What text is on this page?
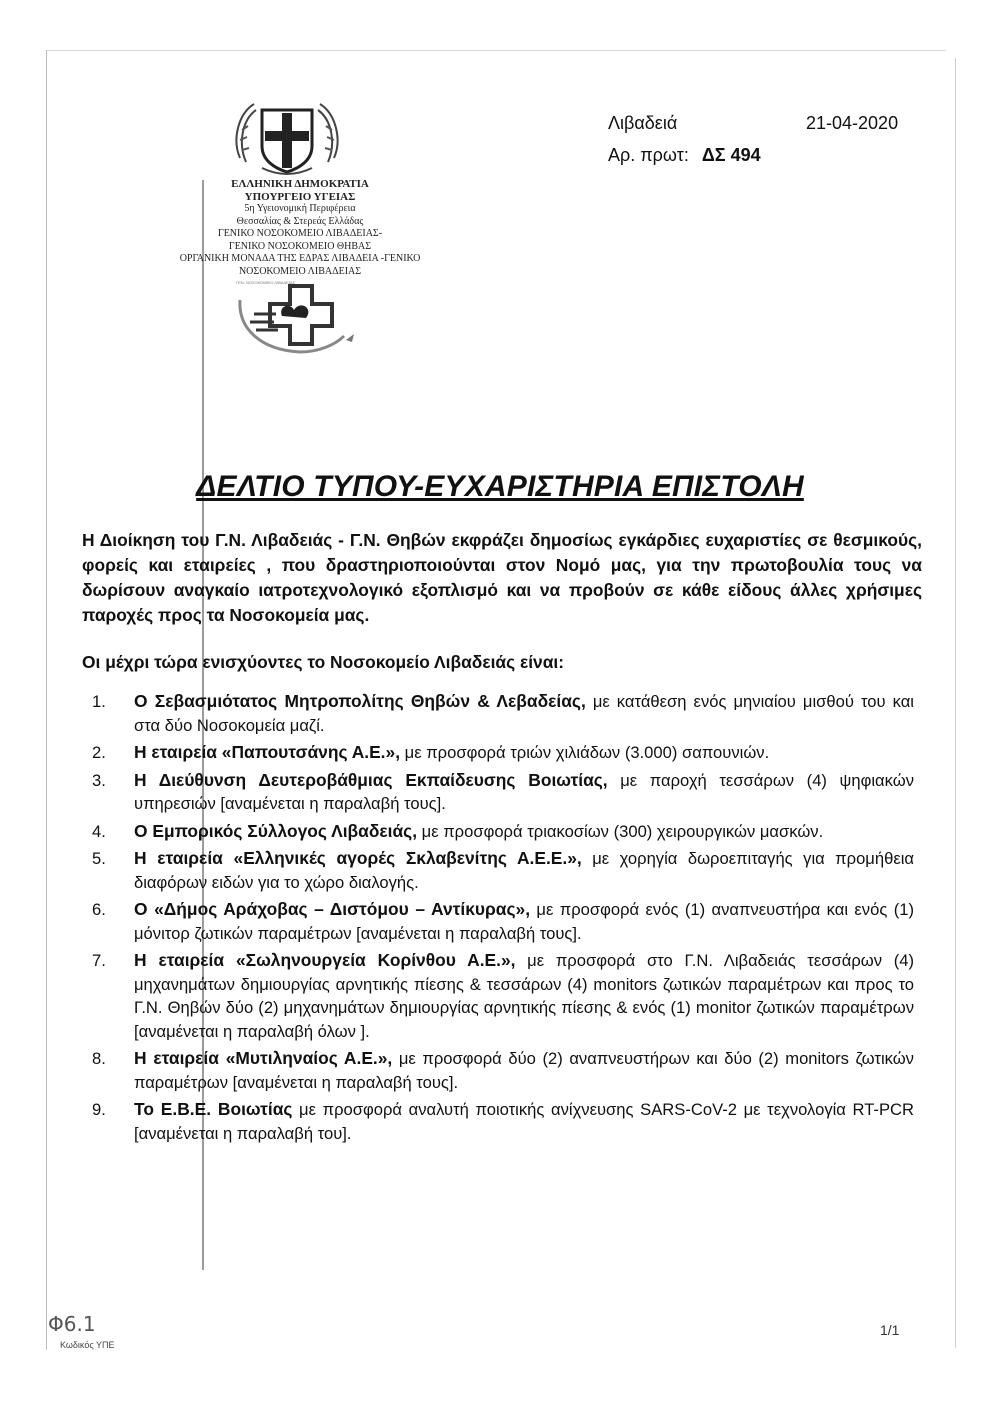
ΕΛΛΗΝΙΚΗ ΔΗΜΟΚΡΑΤΙΑ
ΥΠΟΥΡΓΕΙΟ ΥΓΕΙΑΣ
5η Υγειονομική Περιφέρεια
Θεσσαλίας & Στερεάς Ελλάδας
ΓΕΝΙΚΟ ΝΟΣΟΚΟΜΕΙΟ ΛΙΒΑΔΕΙΑΣ-
ΓΕΝΙΚΟ ΝΟΣΟΚΟΜΕΙΟ ΘΗΒΑΣ
ΟΡΓΑΝΙΚΗ ΜΟΝΑΔΑ ΤΗΣ ΕΔΡΑΣ ΛΙΒΑΔΕΙΑ -ΓΕΝΙΚΟ
ΝΟΣΟΚΟΜΕΙΟ ΛΙΒΑΔΕΙΑΣ
ΓΕΝ. ΝΟΣΟΚΟΜΕΙΟ ΛΙΒΑΔΕΙΑΣ
Λιβαδειά	21-04-2020
Αρ. πρωτ: ΔΣ 494
ΔΕΛΤΙΟ ΤΥΠΟΥ-ΕΥΧΑΡΙΣΤΗΡΙΑ ΕΠΙΣΤΟΛΗ
Η Διοίκηση του Γ.Ν. Λιβαδειάς - Γ.Ν. Θηβών εκφράζει δημοσίως εγκάρδιες ευχαριστίες σε θεσμικούς, φορείς και εταιρείες , που δραστηριοποιούνται στον Νομό μας, για την πρωτοβουλία τους να δωρίσουν αναγκαίο ιατροτεχνολογικό εξοπλισμό και να προβούν σε κάθε είδους άλλες χρήσιμες παροχές προς τα Νοσοκομεία μας.
Οι μέχρι τώρα ενισχύοντες το Νοσοκομείο Λιβαδειάς είναι:
1.	Ο Σεβασμιότατος Μητροπολίτης Θηβών & Λεβαδείας, με κατάθεση ενός μηνιαίου μισθού του και στα δύο Νοσοκομεία μαζί.
2.	Η εταιρεία «Παπουτσάνης Α.Ε.», με προσφορά τριών χιλιάδων (3.000) σαπουνιών.
3.	Η Διεύθυνση Δευτεροβάθμιας Εκπαίδευσης Βοιωτίας, με παροχή τεσσάρων (4) ψηφιακών υπηρεσιών [αναμένεται η παραλαβή τους].
4.	Ο Εμπορικός Σύλλογος Λιβαδειάς, με προσφορά τριακοσίων (300) χειρουργικών μασκών.
5.	Η εταιρεία «Ελληνικές αγορές Σκλαβενίτης Α.Ε.Ε.», με χορηγία δωροεπιταγής για προμήθεια διαφόρων ειδών για το χώρο διαλογής.
6.	Ο «Δήμος Αράχοβας – Διστόμου – Αντίκυρας», με προσφορά ενός (1) αναπνευστήρα και ενός (1) μόνιτορ ζωτικών παραμέτρων [αναμένεται η παραλαβή τους].
7.	Η εταιρεία «Σωληνουργεία Κορίνθου Α.Ε.», με προσφορά στο Γ.Ν. Λιβαδειάς τεσσάρων (4) μηχανημάτων δημιουργίας αρνητικής πίεσης & τεσσάρων (4) monitors ζωτικών παραμέτρων και προς το Γ.Ν. Θηβών δύο (2) μηχανημάτων δημιουργίας αρνητικής πίεσης & ενός (1) monitor ζωτικών παραμέτρων [αναμένεται η παραλαβή όλων ].
8.	Η εταιρεία «Μυτιληναίος Α.Ε.», με προσφορά δύο (2) αναπνευστήρων και δύο (2) monitors ζωτικών παραμέτρων [αναμένεται η παραλαβή τους].
9.	Το Ε.Β.Ε. Βοιωτίας με προσφορά αναλυτή ποιοτικής ανίχνευσης SARS-CoV-2 με τεχνολογία RT-PCR [αναμένεται η παραλαβή του].
Φ6.1
Κωδικός ΥΠΕ
1/1
